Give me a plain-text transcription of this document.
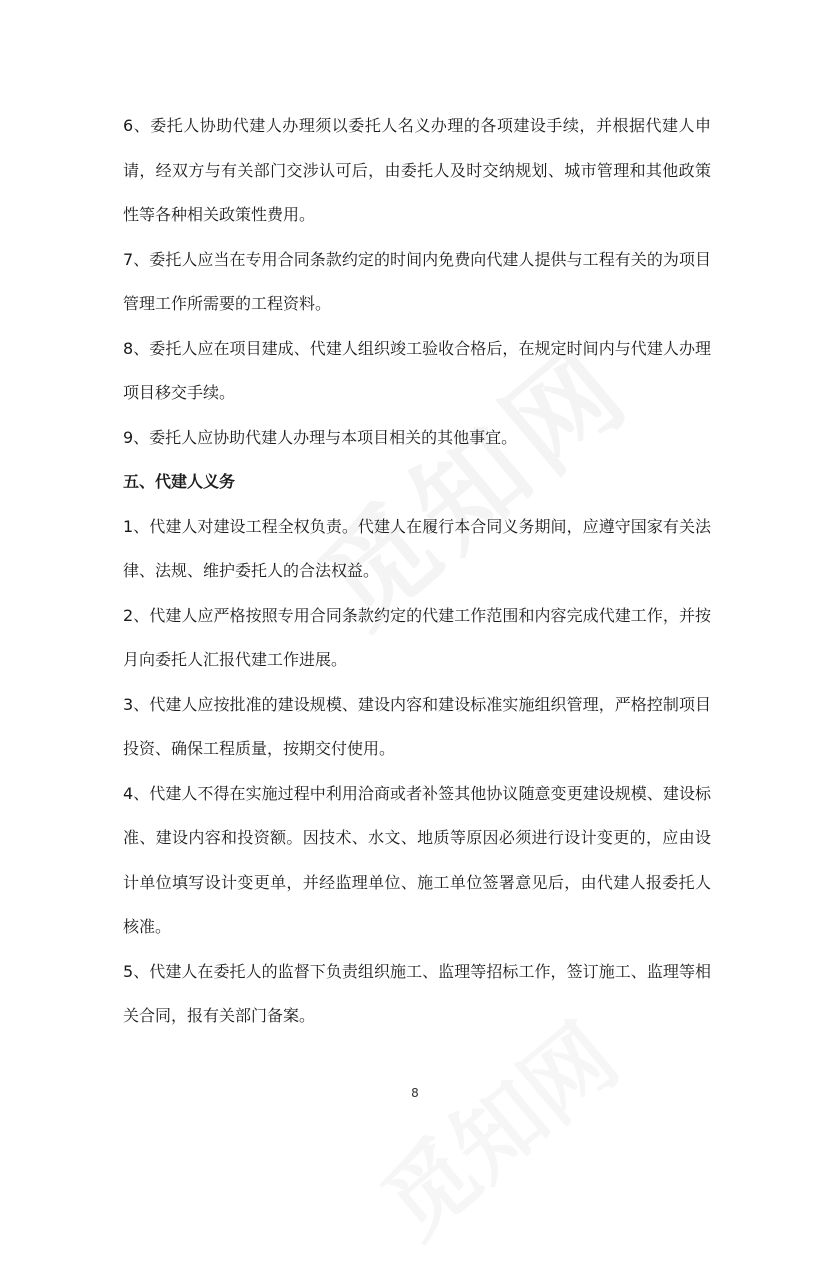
6、委托人协助代建人办理须以委托人名义办理的各项建设手续，并根据代建人申请，经双方与有关部门交涉认可后，由委托人及时交纳规划、城市管理和其他政策性等各种相关政策性费用。

7、委托人应当在专用合同条款约定的时间内免费向代建人提供与工程有关的为项目管理工作所需要的工程资料。

8、委托人应在项目建成、代建人组织竣工验收合格后，在规定时间内与代建人办理项目移交手续。

9、委托人应协助代建人办理与本项目相关的其他事宜。

五、代建人义务

1、代建人对建设工程全权负责。代建人在履行本合同义务期间，应遵守国家有关法律、法规、维护委托人的合法权益。

2、代建人应严格按照专用合同条款约定的代建工作范围和内容完成代建工作，并按月向委托人汇报代建工作进展。

3、代建人应按批准的建设规模、建设内容和建设标准实施组织管理，严格控制项目投资、确保工程质量，按期交付使用。

4、代建人不得在实施过程中利用洽商或者补签其他协议随意变更建设规模、建设标准、建设内容和投资额。因技术、水文、地质等原因必须进行设计变更的，应由设计单位填写设计变更单，并经监理单位、施工单位签署意见后，由代建人报委托人核准。

5、代建人在委托人的监督下负责组织施工、监理等招标工作，签订施工、监理等相关合同，报有关部门备案。

8
